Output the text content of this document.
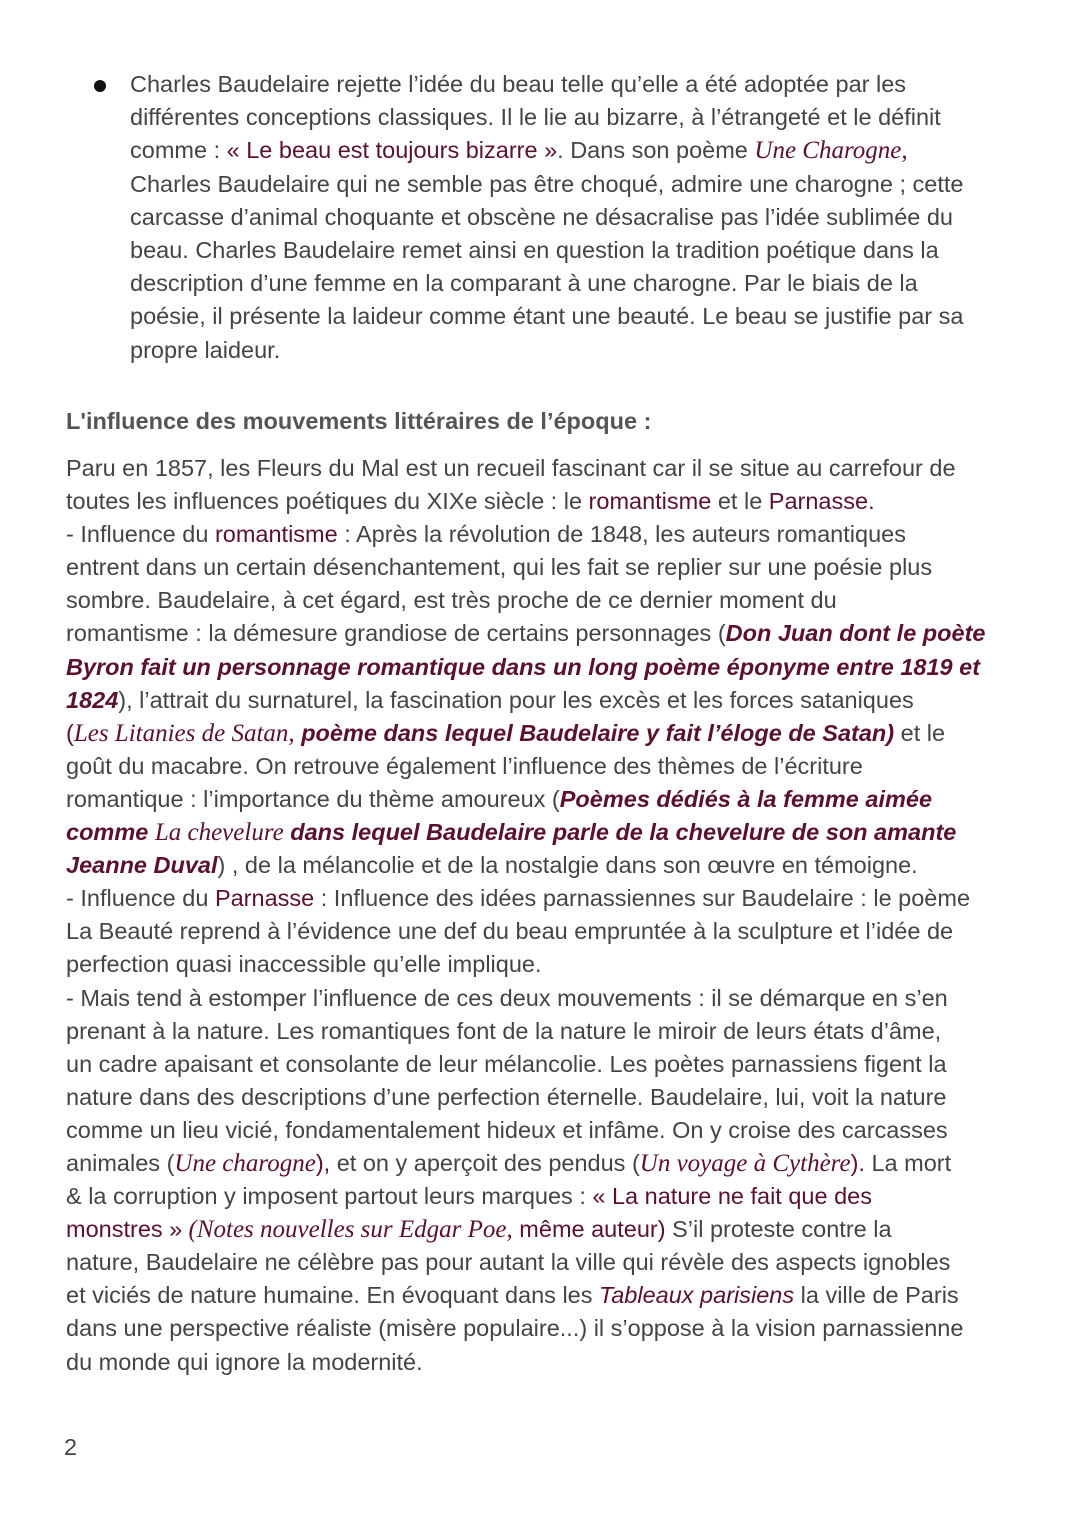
Charles Baudelaire rejette l’idée du beau telle qu’elle a été adoptée par les
différentes conceptions classiques. Il le lie au bizarre, à l’étrangeté et le définit
comme : « Le beau est toujours bizarre ». Dans son poème Une Charogne,
Charles Baudelaire qui ne semble pas être choqué, admire une charogne ; cette
carcasse d’animal choquante et obscène ne désacralise pas l’idée sublimée du
beau. Charles Baudelaire remet ainsi en question la tradition poétique dans la
description d’une femme en la comparant à une charogne. Par le biais de la
poésie, il présente la laideur comme étant une beauté. Le beau se justifie par sa
propre laideur.
L'influence des mouvements littéraires de l’époque :
Paru en 1857, les Fleurs du Mal est un recueil fascinant car il se situe au carrefour de
toutes les influences poétiques du XIXe siècle : le romantisme et le Parnasse.
- Influence du romantisme : Après la révolution de 1848, les auteurs romantiques
entrent dans un certain désenchantement, qui les fait se replier sur une poésie plus
sombre. Baudelaire, à cet égard, est très proche de ce dernier moment du
romantisme : la démesure grandiose de certains personnages (Don Juan dont le poète
Byron fait un personnage romantique dans un long poème éponyme entre 1819 et
1824), l’attrait du surnaturel, la fascination pour les excès et les forces sataniques
(Les Litanies de Satan, poème dans lequel Baudelaire y fait l’éloge de Satan) et le
goût du macabre. On retrouve également l’influence des thèmes de l’écriture
romantique : l’importance du thème amoureux (Poèmes dédiés à la femme aimée
comme La chevelure dans lequel Baudelaire parle de la chevelure de son amante
Jeanne Duval) , de la mélancolie et de la nostalgie dans son œuvre en témoigne.
- Influence du Parnasse : Influence des idées parnassiennes sur Baudelaire : le poème
La Beauté reprend à l’évidence une def du beau empruntée à la sculpture et l’idée de
perfection quasi inaccessible qu’elle implique.
- Mais tend à estomper l’influence de ces deux mouvements : il se démarque en s’en
prenant à la nature. Les romantiques font de la nature le miroir de leurs états d’âme,
un cadre apaisant et consolante de leur mélancolie. Les poètes parnassiens figent la
nature dans des descriptions d’une perfection éternelle. Baudelaire, lui, voit la nature
comme un lieu vicié, fondamentalement hideux et infâme. On y croise des carcasses
animales (Une charogne), et on y aperçoit des pendus (Un voyage à Cythère). La mort
& la corruption y imposent partout leurs marques : « La nature ne fait que des
monstres » (Notes nouvelles sur Edgar Poe, même auteur) S’il proteste contre la
nature, Baudelaire ne célèbre pas pour autant la ville qui révèle des aspects ignobles
et viciés de nature humaine. En évoquant dans les Tableaux parisiens la ville de Paris
dans une perspective réaliste (misère populaire...) il s’oppose à la vision parnassienne
du monde qui ignore la modernité.
2
